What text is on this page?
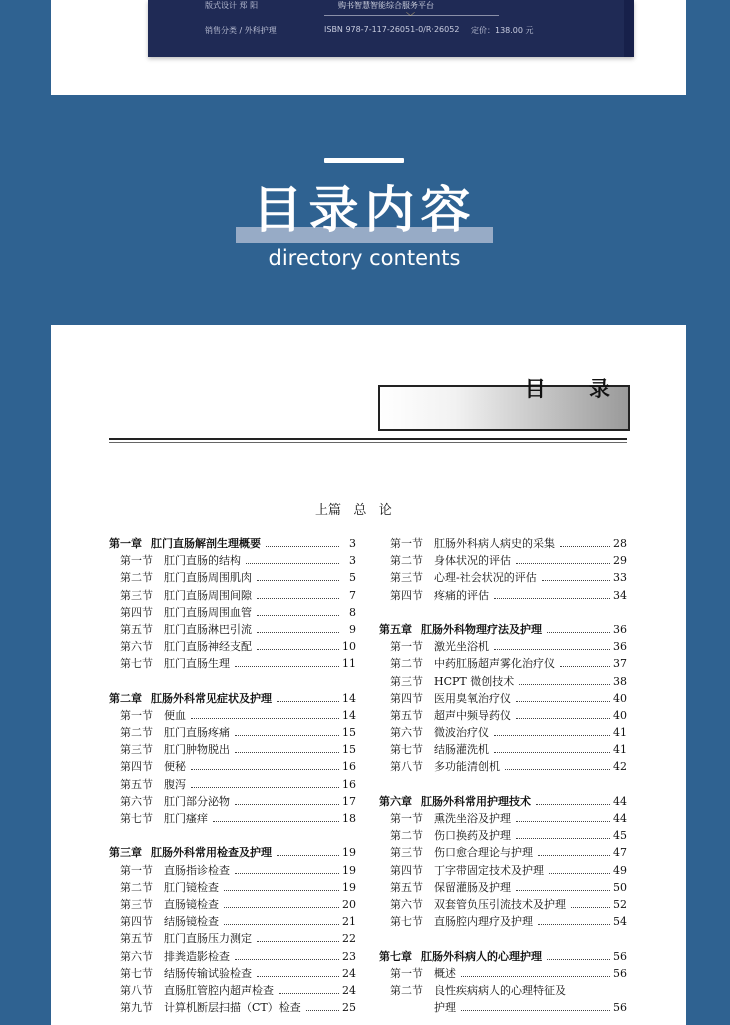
版式设计 郑 阳	购书智慧智能综合服务平台
﹀
销售分类 / 外科护理	ISBN 978-7-117-26051-0/R·26052 定价：138.00 元
目录内容
directory contents
目 录
上篇   总   论
第一章 肛门直肠解剖生理概要	3
第一节	肛门直肠的结构	3
第二节	肛门直肠周围肌肉	5
第三节	肛门直肠周围间隙	7
第四节	肛门直肠周围血管	8
第五节	肛门直肠淋巴引流	9
第六节	肛门直肠神经支配	10
第七节	肛门直肠生理	11
第二章 肛肠外科常见症状及护理	14
第一节	便血	14
第二节	肛门直肠疼痛	15
第三节	肛门肿物脱出	15
第四节	便秘	16
第五节	腹泻	16
第六节	肛门部分泌物	17
第七节	肛门瘙痒	18
第三章 肛肠外科常用检查及护理	19
第一节	直肠指诊检查	19
第二节	肛门镜检查	19
第三节	直肠镜检查	20
第四节	结肠镜检查	21
第五节	肛门直肠压力测定	22
第六节	排粪造影检查	23
第七节	结肠传输试验检查	24
第八节	直肠肛管腔内超声检查	24
第九节	计算机断层扫描（CT）检查	25
第一节	肛肠外科病人病史的采集	28
第二节	身体状况的评估	29
第三节	心理-社会状况的评估	33
第四节	疼痛的评估	34
第五章 肛肠外科物理疗法及护理	36
第一节	激光坐浴机	36
第二节	中药肛肠超声雾化治疗仪	37
第三节	HCPT 微创技术	38
第四节	医用臭氧治疗仪	40
第五节	超声中频导药仪	40
第六节	微波治疗仪	41
第七节	结肠灌洗机	41
第八节	多功能清创机	42
第六章 肛肠外科常用护理技术	44
第一节	熏洗坐浴及护理	44
第二节	伤口换药及护理	45
第三节	伤口愈合理论与护理	47
第四节	丁字带固定技术及护理	49
第五节	保留灌肠及护理	50
第六节	双套管负压引流技术及护理	52
第七节	直肠腔内理疗及护理	54
第七章 肛肠外科病人的心理护理	56
第一节	概述	56
第二节	良性疾病病人的心理特征及
护理	56
